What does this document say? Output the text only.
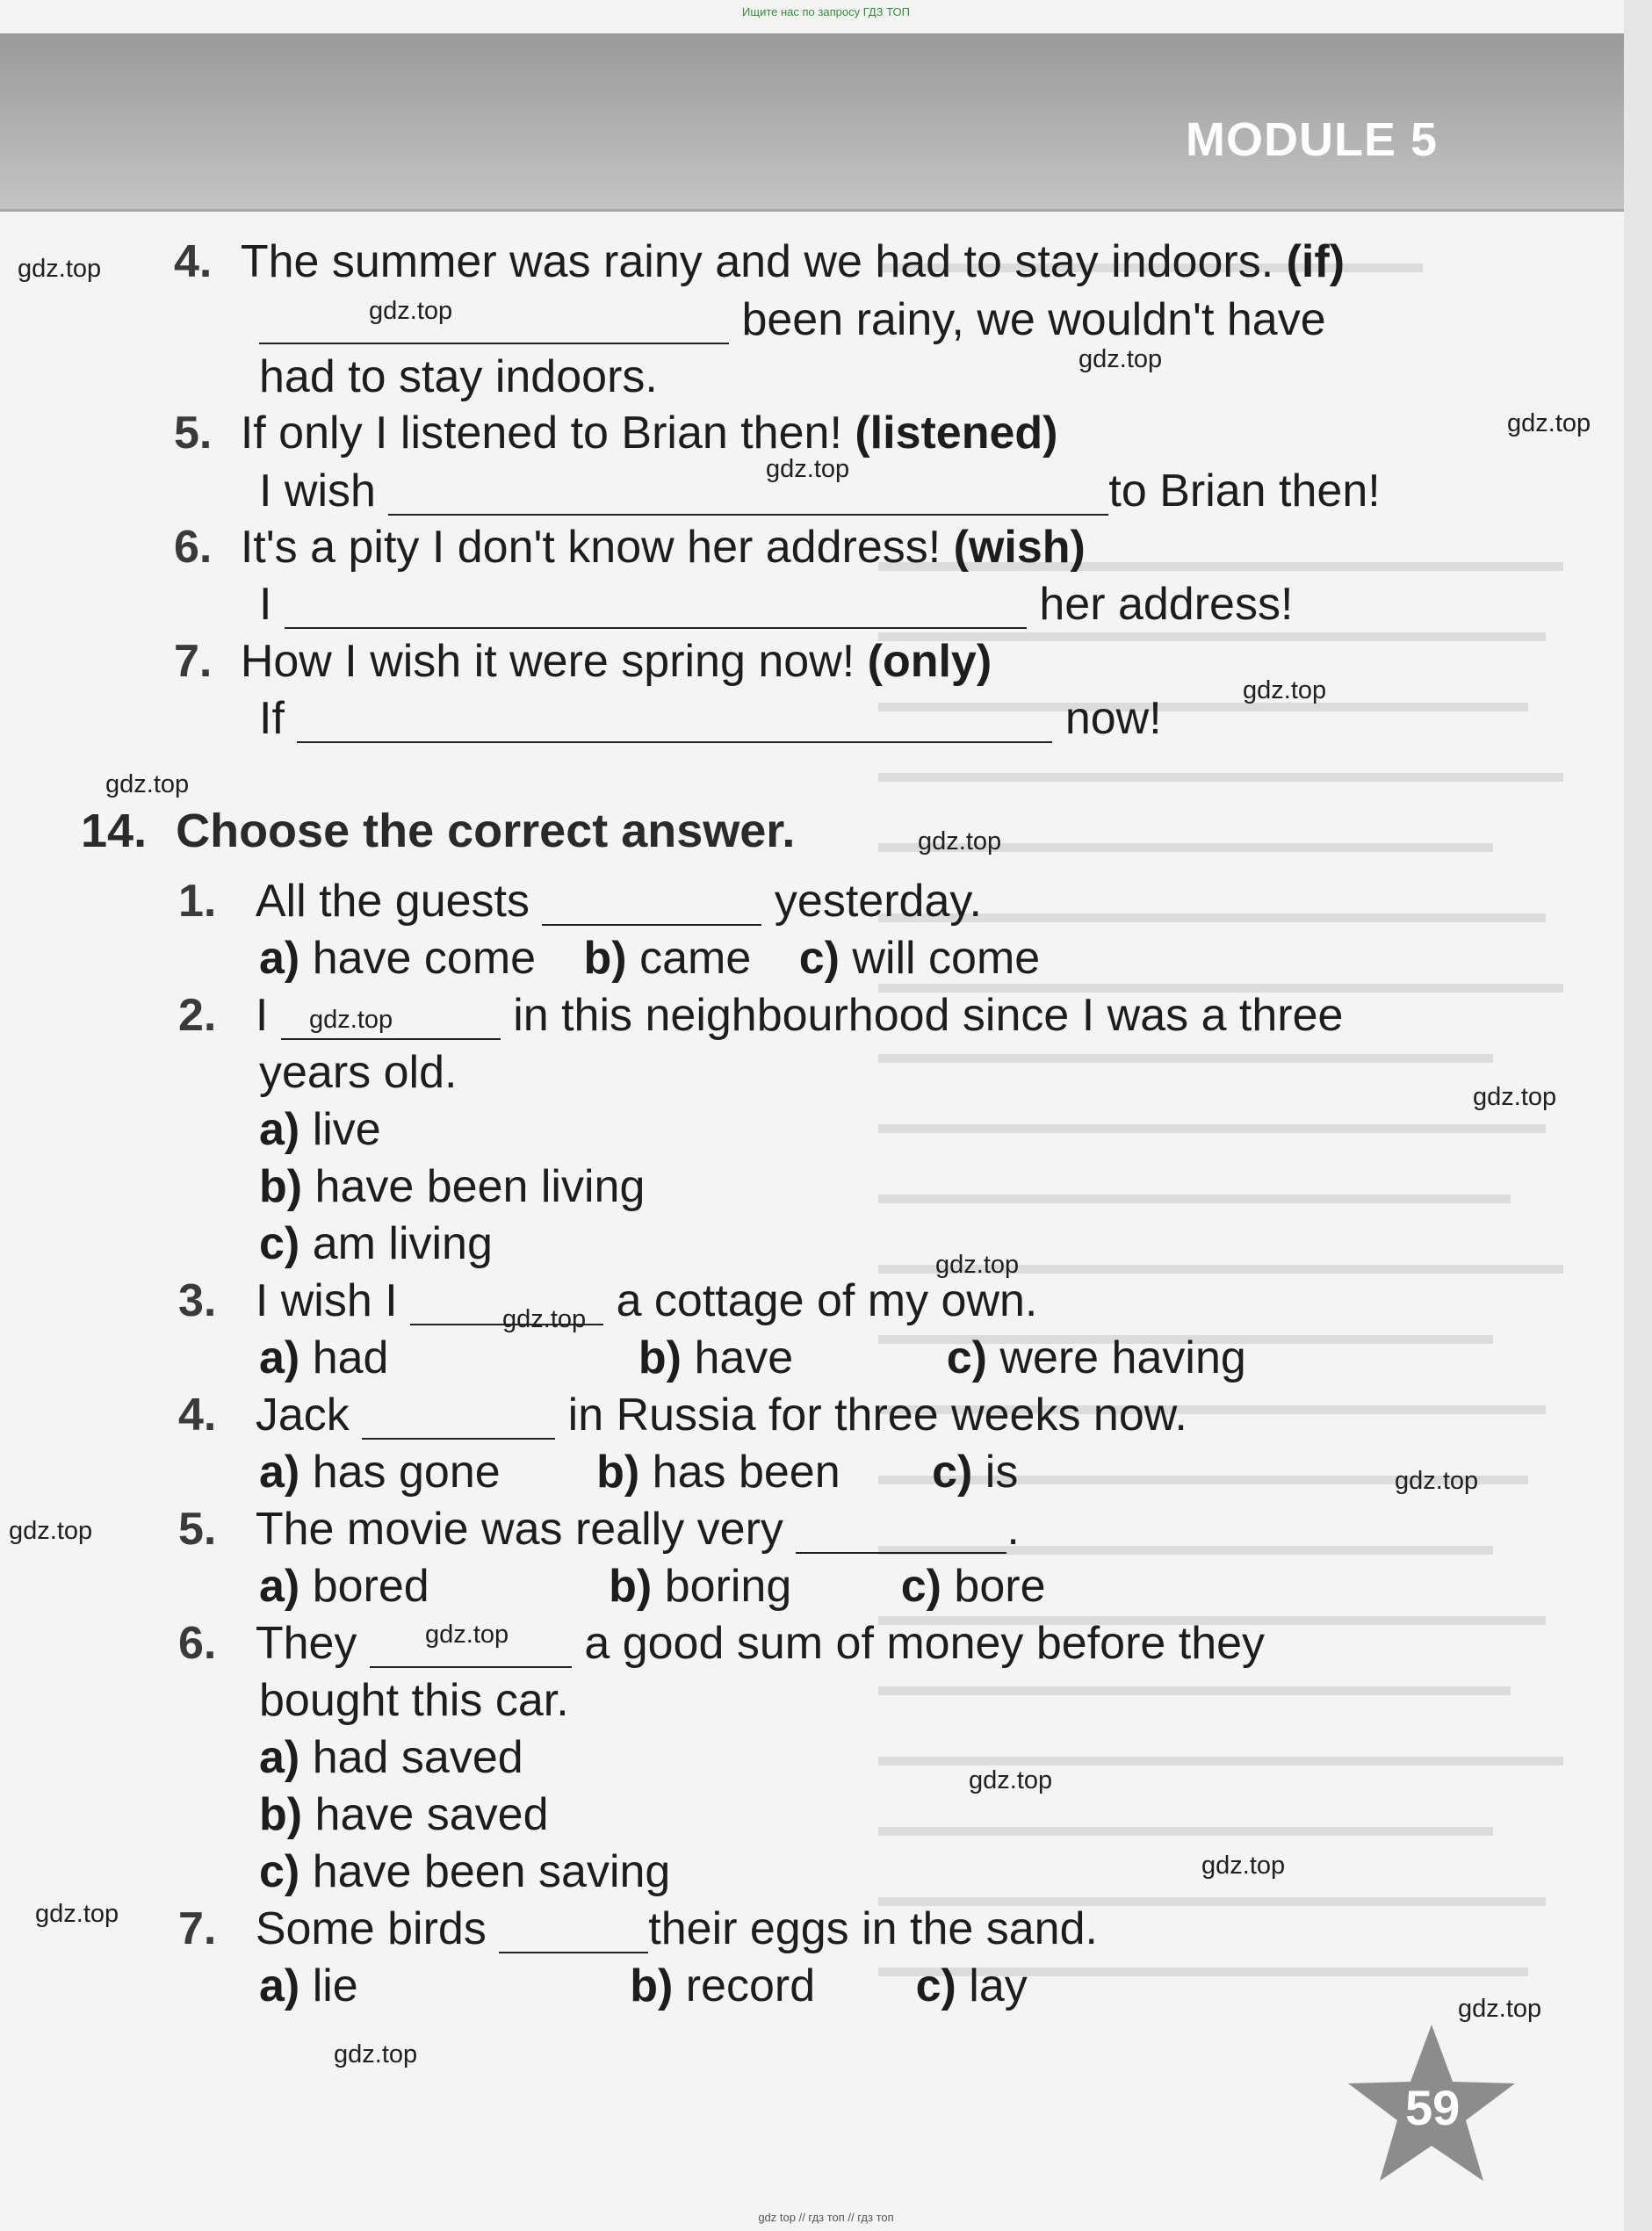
Ищите нас по запросу ГДЗ ТОП
MODULE 5
4. The summer was rainy and we had to stay indoors. (if)
been rainy, we wouldn't have
had to stay indoors.
5. If only I listened to Brian then! (listened)
I wish	to Brian then!
6. It's a pity I don't know her address! (wish)
I	her address!
7. How I wish it were spring now! (only)
If	now!
14. Choose the correct answer.
1. All the guests	yesterday.
a) have come b) came c) will come
2. I	in this neighbourhood since I was a three
years old.
a) live
b) have been living
c) am living
3. I wish I	a cottage of my own.
a) had	b) have	c) were having
4. Jack	in Russia for three weeks now.
a) has gone b) has been c) is
5. The movie was really very	.
a) bored	b) boring c) bore
6. They	a good sum of money before they
bought this car.
a) had saved
b) have saved
c) have been saving
7. Some birds	their eggs in the sand.
a) lie	b) record c) lay
59
gdz.top
gdz.top
gdz.top
gdz.top
gdz.top
gdz.top
gdz.top
gdz.top
gdz.top
gdz.top
gdz.top
gdz.top
gdz.top
gdz.top
gdz.top
gdz.top
gdz.top
gdz.top
gdz.top
gdz.top
gdz top // гдз топ // гдз топ
